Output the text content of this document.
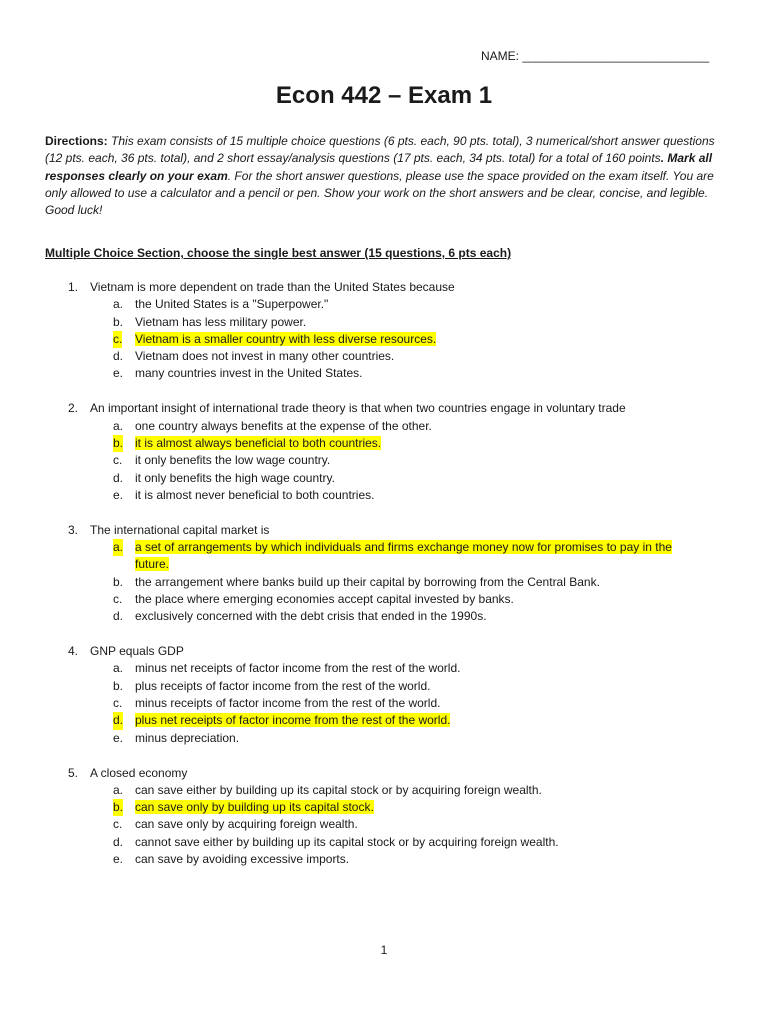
NAME: ____________________________
Econ 442 – Exam 1
Directions: This exam consists of 15 multiple choice questions (6 pts. each, 90 pts. total), 3 numerical/short answer questions (12 pts. each, 36 pts. total), and 2 short essay/analysis questions (17 pts. each, 34 pts. total) for a total of 160 points. Mark all responses clearly on your exam. For the short answer questions, please use the space provided on the exam itself. You are only allowed to use a calculator and a pencil or pen. Show your work on the short answers and be clear, concise, and legible. Good luck!
Multiple Choice Section, choose the single best answer (15 questions, 6 pts each)
1. Vietnam is more dependent on trade than the United States because
a. the United States is a "Superpower."
b. Vietnam has less military power.
c. Vietnam is a smaller country with less diverse resources.
d. Vietnam does not invest in many other countries.
e. many countries invest in the United States.
2. An important insight of international trade theory is that when two countries engage in voluntary trade
a. one country always benefits at the expense of the other.
b. it is almost always beneficial to both countries.
c. it only benefits the low wage country.
d. it only benefits the high wage country.
e. it is almost never beneficial to both countries.
3. The international capital market is
a. a set of arrangements by which individuals and firms exchange money now for promises to pay in the future.
b. the arrangement where banks build up their capital by borrowing from the Central Bank.
c. the place where emerging economies accept capital invested by banks.
d. exclusively concerned with the debt crisis that ended in the 1990s.
4. GNP equals GDP
a. minus net receipts of factor income from the rest of the world.
b. plus receipts of factor income from the rest of the world.
c. minus receipts of factor income from the rest of the world.
d. plus net receipts of factor income from the rest of the world.
e. minus depreciation.
5. A closed economy
a. can save either by building up its capital stock or by acquiring foreign wealth.
b. can save only by building up its capital stock.
c. can save only by acquiring foreign wealth.
d. cannot save either by building up its capital stock or by acquiring foreign wealth.
e. can save by avoiding excessive imports.
1
